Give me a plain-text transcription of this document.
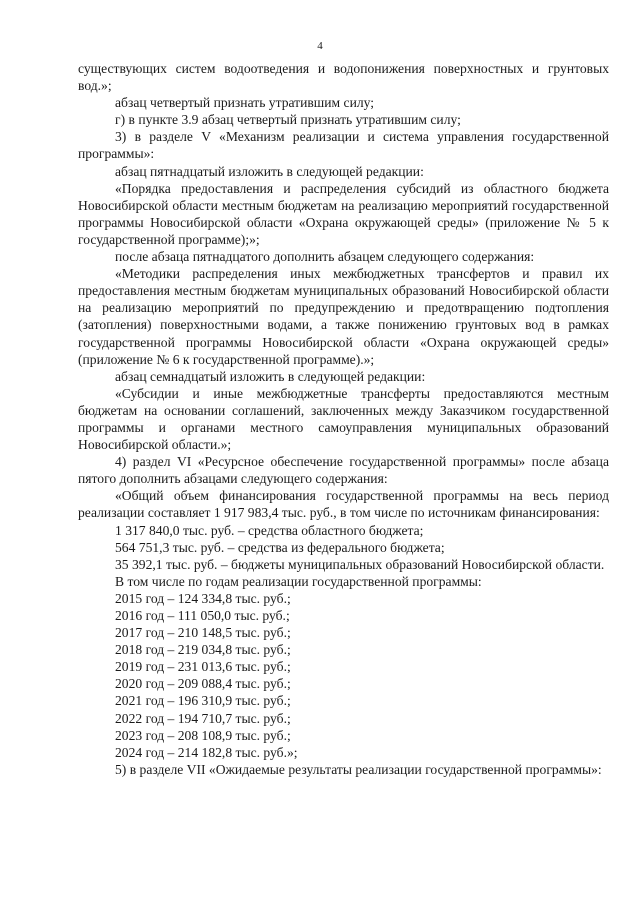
4

существующих систем водоотведения и водопонижения поверхностных и грунтовых вод.»;

абзац четвертый признать утратившим силу;

г) в пункте 3.9 абзац четвертый признать утратившим силу;

3) в разделе V «Механизм реализации и система управления государственной программы»:

абзац пятнадцатый изложить в следующей редакции:

«Порядка предоставления и распределения субсидий из областного бюджета Новосибирской области местным бюджетам на реализацию мероприятий государственной программы Новосибирской области «Охрана окружающей среды» (приложение № 5 к государственной программе);»;

после абзаца пятнадцатого дополнить абзацем следующего содержания:

«Методики распределения иных межбюджетных трансфертов и правил их предоставления местным бюджетам муниципальных образований Новосибирской области на реализацию мероприятий по предупреждению и предотвращению подтопления (затопления) поверхностными водами, а также понижению грунтовых вод в рамках государственной программы Новосибирской области «Охрана окружающей среды» (приложение № 6 к государственной программе).»;

абзац семнадцатый изложить в следующей редакции:

«Субсидии и иные межбюджетные трансферты предоставляются местным бюджетам на основании соглашений, заключенных между Заказчиком государственной программы и органами местного самоуправления муниципальных образований Новосибирской области.»;

4) раздел VI «Ресурсное обеспечение государственной программы» после абзаца пятого дополнить абзацами следующего содержания:

«Общий объем финансирования государственной программы на весь период реализации составляет 1 917 983,4 тыс. руб., в том числе по источникам финансирования:

1 317 840,0 тыс. руб. – средства областного бюджета;

564 751,3 тыс. руб. – средства из федерального бюджета;

35 392,1 тыс. руб. – бюджеты муниципальных образований Новосибирской области.

В том числе по годам реализации государственной программы:

2015 год – 124 334,8 тыс. руб.;

2016 год – 111 050,0 тыс. руб.;

2017 год – 210 148,5 тыс. руб.;

2018 год – 219 034,8 тыс. руб.;

2019 год – 231 013,6 тыс. руб.;

2020 год – 209 088,4 тыс. руб.;

2021 год – 196 310,9 тыс. руб.;

2022 год – 194 710,7 тыс. руб.;

2023 год – 208 108,9 тыс. руб.;

2024 год – 214 182,8 тыс. руб.»;

5) в разделе VII «Ожидаемые результаты реализации государственной программы»:
